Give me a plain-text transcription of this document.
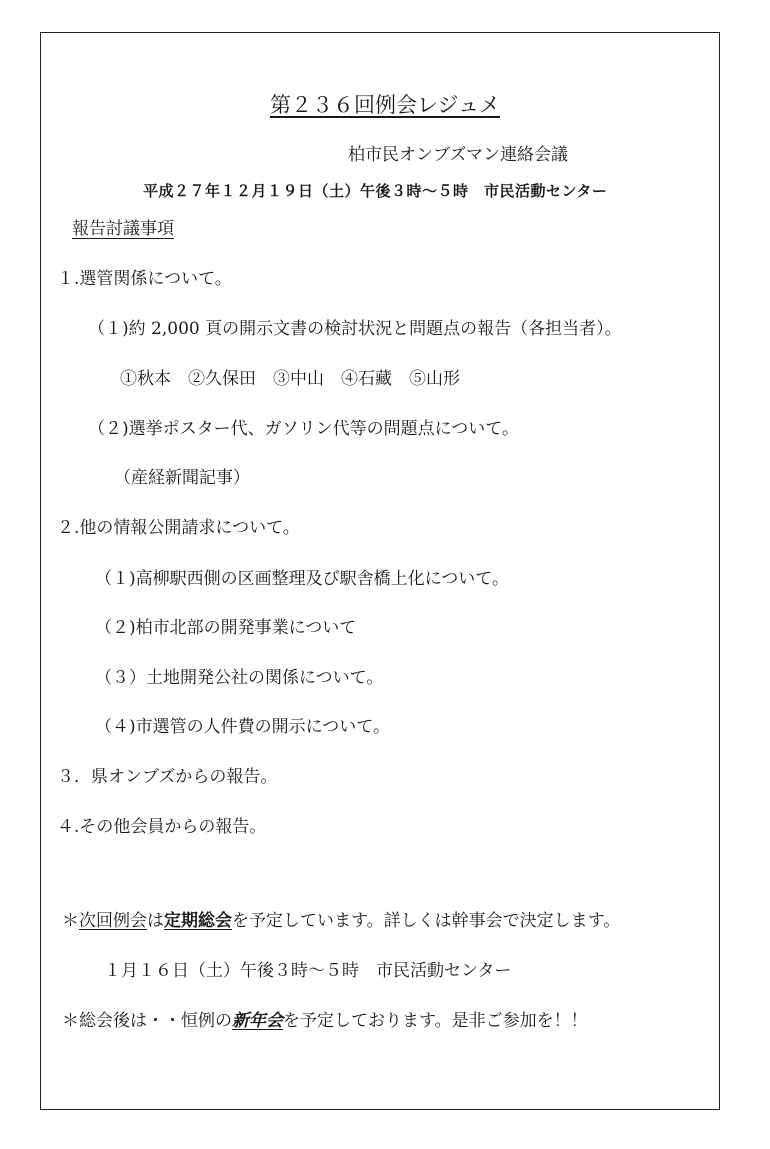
第２３６回例会レジュメ
柏市民オンブズマン連絡会議
平成２７年１２月１９日（土）午後３時～５時　市民活動センター
報告討議事項
１.選管関係について。
（１)約 2,000 頁の開示文書の検討状況と問題点の報告（各担当者）。
①秋本　②久保田　③中山　④石藏　⑤山形
（２)選挙ポスター代、ガソリン代等の問題点について。
（産経新聞記事）
２.他の情報公開請求について。
（１)高柳駅西側の区画整理及び駅舎橋上化について。
（２)柏市北部の開発事業について
（３）土地開発公社の関係について。
（４)市選管の人件費の開示について。
３．県オンブズからの報告。
４.その他会員からの報告。
＊次回例会は定期総会を予定しています。詳しくは幹事会で決定します。
１月１６日（土）午後３時～５時　市民活動センター
＊総会後は・・恒例の新年会を予定しております。是非ご参加を！！
